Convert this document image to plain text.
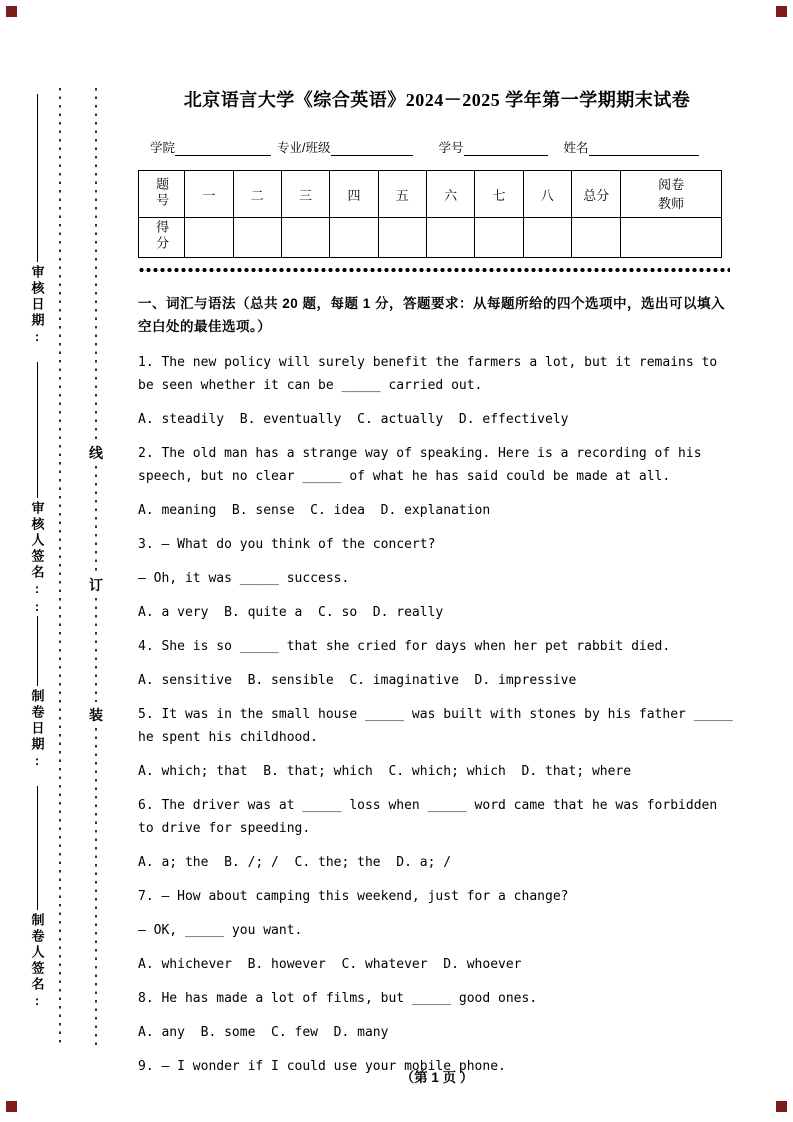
审核日期:
审核人签名::
制卷日期:
制卷人签名:
线
订
装
北京语言大学《综合英语》2024－2025 学年第一学期期末试卷
学院	专业/班级	学号	姓名
题号	一	二	三	四	五	六	七	八	总分	阅卷教师
得分										
一、词汇与语法（总共 20 题，每题 1 分，答题要求：从每题所给的四个选项中，选出可以填入空白处的最佳选项。）

1. The new policy will surely benefit the farmers a lot, but it remains to be seen whether it can be _____ carried out.

A. steadily  B. eventually  C. actually  D. effectively

2. The old man has a strange way of speaking. Here is a recording of his speech, but no clear _____ of what he has said could be made at all.

A. meaning  B. sense  C. idea  D. explanation

3. — What do you think of the concert?

— Oh, it was _____ success.

A. a very  B. quite a  C. so  D. really

4. She is so _____ that she cried for days when her pet rabbit died.

A. sensitive  B. sensible  C. imaginative  D. impressive

5. It was in the small house _____ was built with stones by his father _____ he spent his childhood.

A. which; that  B. that; which  C. which; which  D. that; where

6. The driver was at _____ loss when _____ word came that he was forbidden to drive for speeding.

A. a; the  B. /; /  C. the; the  D. a; /

7. — How about camping this weekend, just for a change?

— OK, _____ you want.

A. whichever  B. however  C. whatever  D. whoever

8. He has made a lot of films, but _____ good ones.

A. any  B. some  C. few  D. many

9. — I wonder if I could use your mobile phone.

（第 1 页 ）
